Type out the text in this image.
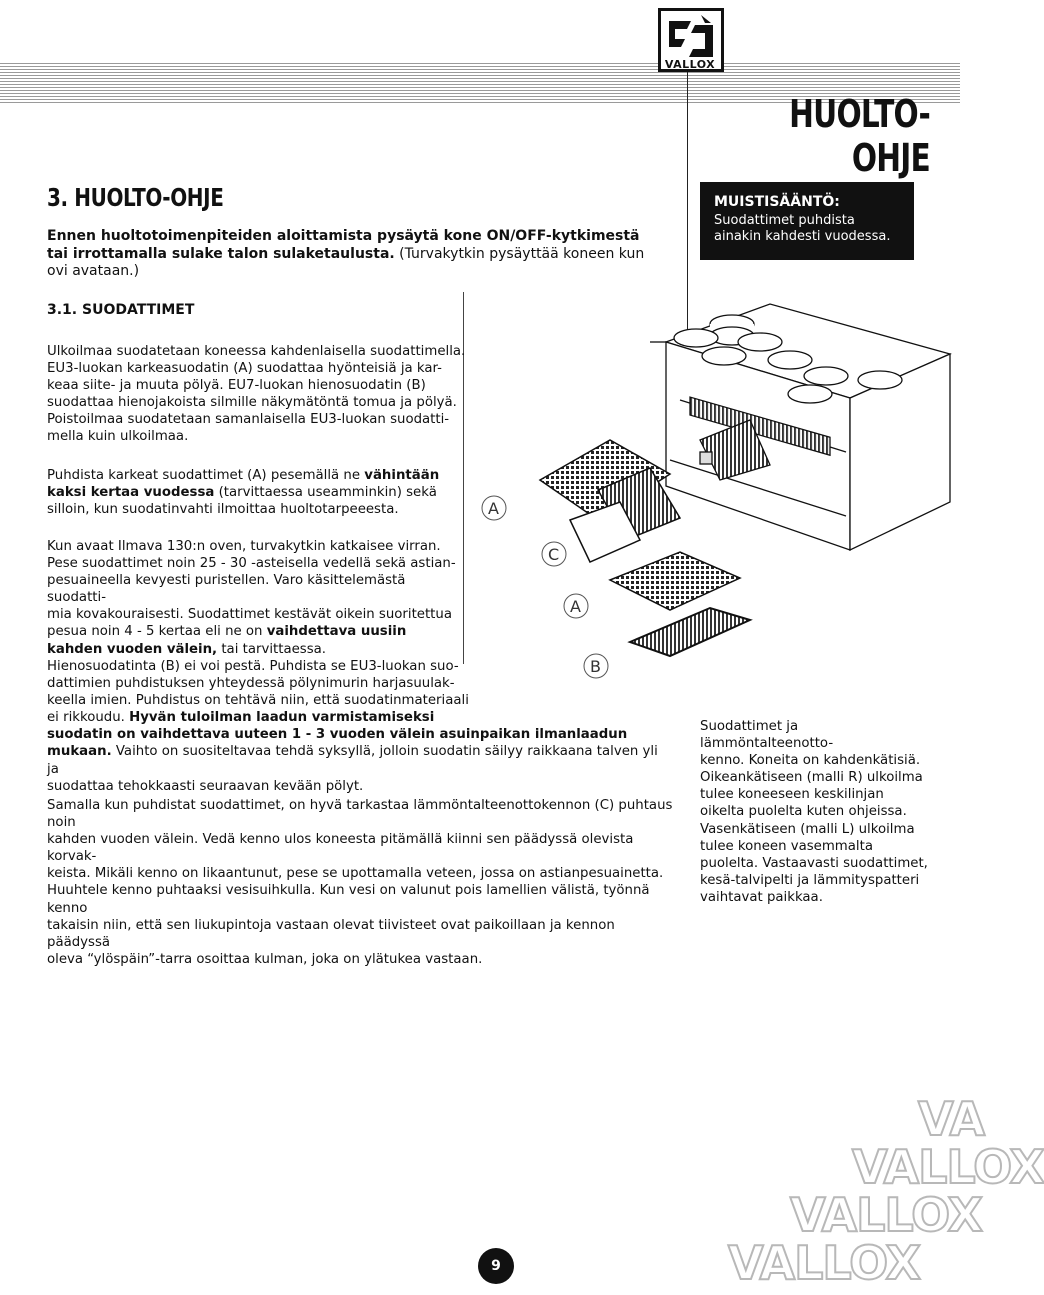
VALLOX
HUOLTO-OHJE
MUISTISÄÄNTÖ:
Suodattimet puhdista
ainakin kahdesti vuodessa.
3. HUOLTO-OHJE
Ennen huoltotoimenpiteiden aloittamista pysäytä kone ON/OFF-kytkimestä tai irrottamalla sulake talon sulaketaulusta. (Turvakytkin pysäyttää koneen kun ovi avataan.)
3.1. SUODATTIMET

Ulkoilmaa suodatetaan koneessa kahdenlaisella suodattimella.

EU3-luokan karkeasuodatin (A) suodattaa hyönteisiä ja kar-

keaa siite- ja muuta pölyä. EU7-luokan hienosuodatin (B)

suodattaa hienojakoista silmille näkymätöntä tomua ja pölyä.

Poistoilmaa suodatetaan samanlaisella EU3-luokan suodatti-

mella kuin ulkoilmaa.

Puhdista karkeat suodattimet (A) pesemällä ne vähintään

kaksi kertaa vuodessa (tarvittaessa useamminkin) sekä

silloin, kun suodatinvahti ilmoittaa huoltotarpeeesta.

Kun avaat Ilmava 130:n oven, turvakytkin katkaisee virran.

Pese suodattimet noin 25 - 30 -asteisella vedellä sekä astian-

pesuaineella kevyesti puristellen. Varo käsittelemästä suodatti-

mia kovakouraisesti. Suodattimet kestävät oikein suoritettua

pesua noin 4 - 5 kertaa eli ne on vaihdettava uusiin

kahden vuoden välein, tai tarvittaessa.

Hienosuodatinta (B) ei voi pestä. Puhdista se EU3-luokan suo-

dattimien puhdistuksen yhteydessä pölynimurin harjasuulak-

keella imien. Puhdistus on tehtävä niin, että suodatinmateriaali

ei rikkoudu. Hyvän tuloilman laadun varmistamiseksi

suodatin on vaihdettava uuteen 1 - 3 vuoden välein asuinpaikan ilmanlaadun

mukaan. Vaihto on suositeltavaa tehdä syksyllä, jolloin suodatin säilyy raikkaana talven yli ja

suodattaa tehokkaasti seuraavan kevään pölyt.

Samalla kun puhdistat suodattimet, on hyvä tarkastaa lämmöntalteenottokennon (C) puhtaus noin

kahden vuoden välein. Vedä kenno ulos koneesta pitämällä kiinni sen päädyssä olevista korvak-

keista. Mikäli kenno on likaantunut, pese se upottamalla veteen, jossa on astianpesuainetta.

Huuhtele kenno puhtaaksi vesisuihkulla. Kun vesi on valunut pois lamellien välistä, työnnä kenno

takaisin niin, että sen liukupintoja vastaan olevat tiivisteet ovat paikoillaan ja kennon päädyssä

oleva “ylöspäin”-tarra osoittaa kulman, joka on ylätukea vastaan.

Suodattimet ja lämmöntalteenotto-

kenno. Koneita on kahdenkätisiä.

Oikeankätiseen (malli R) ulkoilma

tulee koneeseen keskilinjan

oikelta puolelta kuten ohjeissa.

Vasenkätiseen (malli L) ulkoilma

tulee koneen vasemmalta

puolelta. Vastaavasti suodattimet,

kesä-talvipelti ja lämmityspatteri

vaihtavat paikkaa.

A
C
A
B
VA
VALLOX
VALLOX
VALLOX
9
